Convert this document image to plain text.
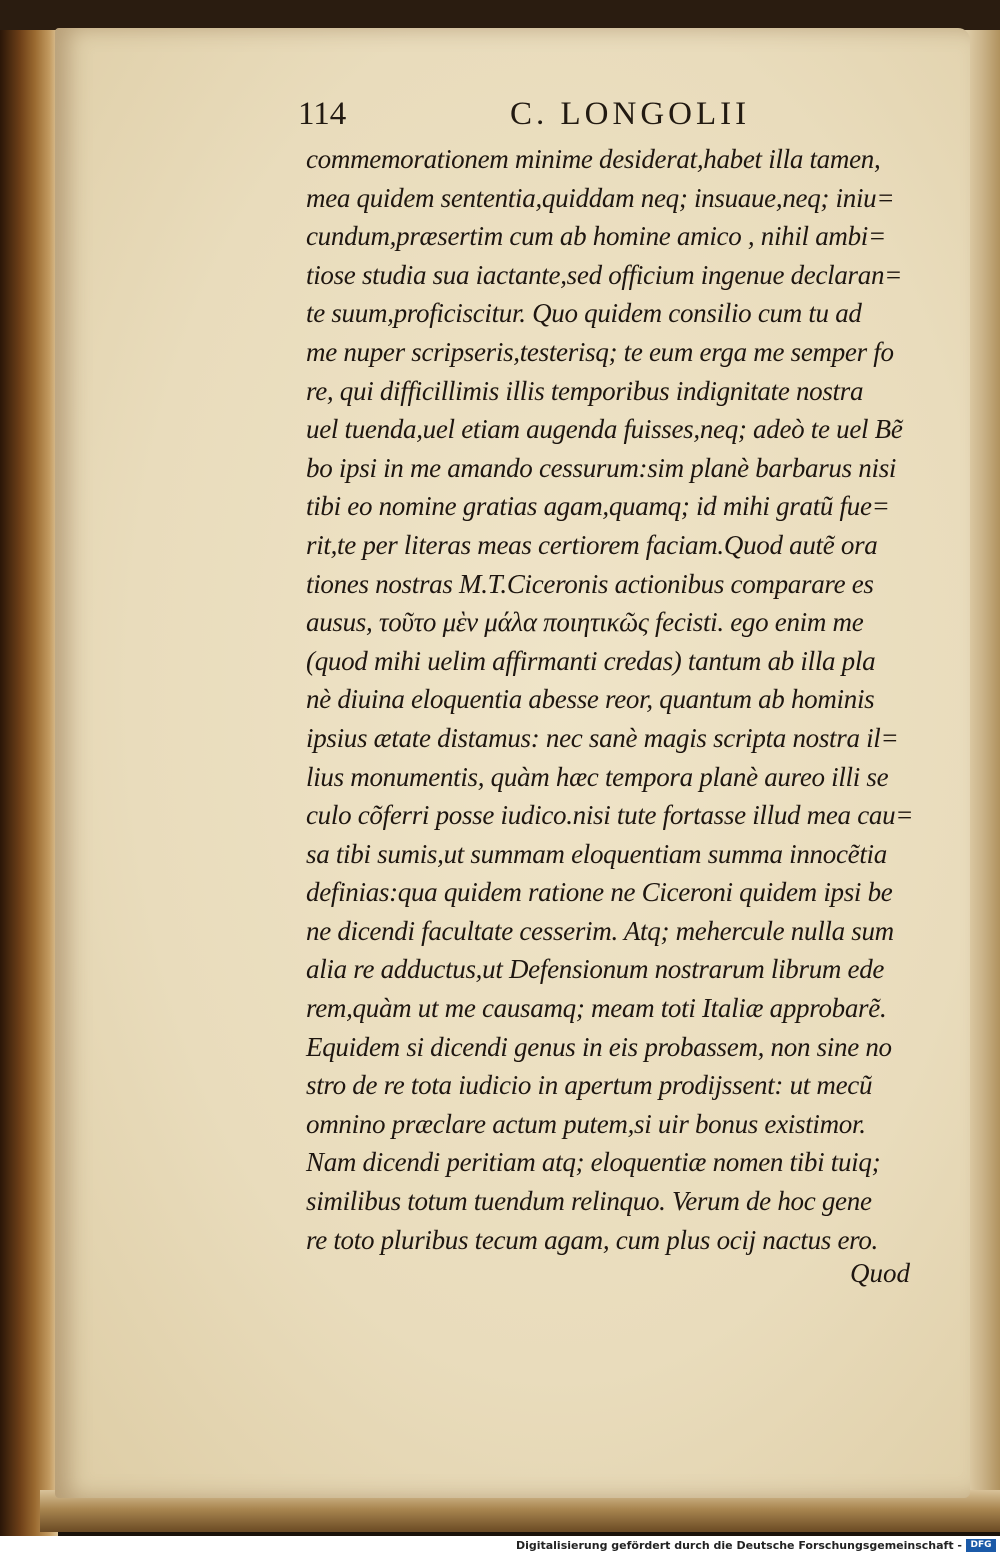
114	C. LONGOLII
commemorationem minime desiderat,habet illa tamen,
mea quidem sententia,quiddam neq; insuaue,neq; iniu=
cundum,præsertim cum ab homine amico , nihil ambi=
tiose studia sua iactante,sed officium ingenue declaran=
te suum,proficiscitur. Quo quidem consilio cum tu ad
me nuper scripseris,testerisq; te eum erga me semper fo
re, qui difficillimis illis temporibus indignitate nostra
uel tuenda,uel etiam augenda fuisses,neq; adeò te uel Bẽ
bo ipsi in me amando cessurum:sim planè barbarus nisi
tibi eo nomine gratias agam,quamq; id mihi gratũ fue=
rit,te per literas meas certiorem faciam.Quod autẽ ora
tiones nostras M.T.Ciceronis actionibus comparare es
ausus, τοῦτο μὲν μάλα ποιητικῶς fecisti. ego enim me
(quod mihi uelim affirmanti credas) tantum ab illa pla
nè diuina eloquentia abesse reor, quantum ab hominis
ipsius ætate distamus: nec sanè magis scripta nostra il=
lius monumentis, quàm hæc tempora planè aureo illi se
culo cõferri posse iudico.nisi tute fortasse illud mea cau=
sa tibi sumis,ut summam eloquentiam summa innocẽtia
definias:qua quidem ratione ne Ciceroni quidem ipsi be
ne dicendi facultate cesserim. Atq; mehercule nulla sum
alia re adductus,ut Defensionum nostrarum librum ede
rem,quàm ut me causamq; meam toti Italiæ approbarẽ.
Equidem si dicendi genus in eis probassem, non sine no
stro de re tota iudicio in apertum prodijssent: ut mecũ
omnino præclare actum putem,si uir bonus existimor.
Nam dicendi peritiam atq; eloquentiæ nomen tibi tuiq;
similibus totum tuendum relinquo. Verum de hoc gene
re toto pluribus tecum agam, cum plus ocij nactus ero.
Quod
Digitalisierung gefördert durch die Deutsche Forschungsgemeinschaft - DFG
